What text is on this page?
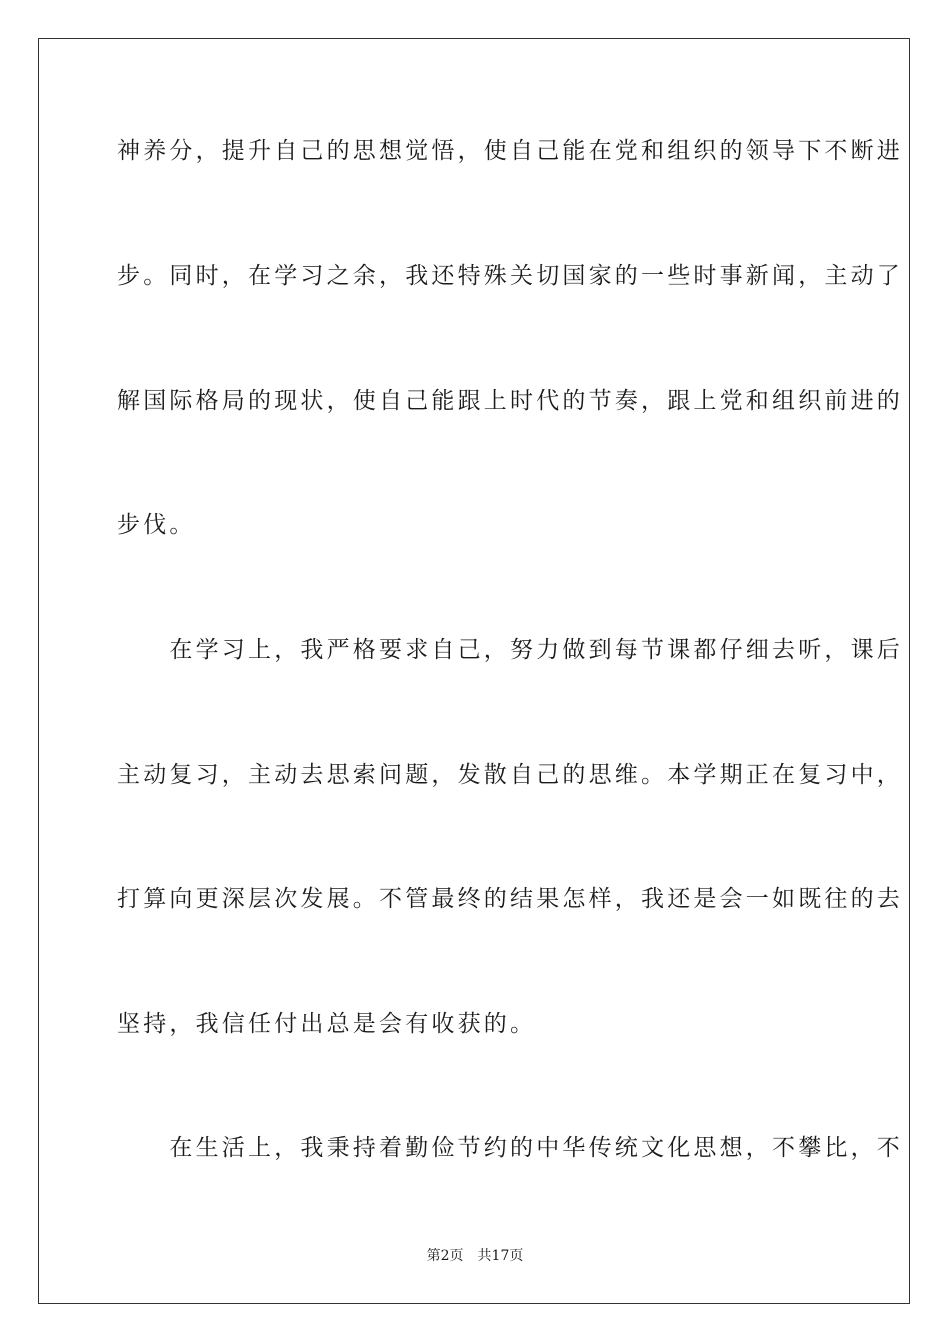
神养分，提升自己的思想觉悟，使自己能在党和组织的领导下不断进
步。同时，在学习之余，我还特殊关切国家的一些时事新闻，主动了
解国际格局的现状，使自己能跟上时代的节奏，跟上党和组织前进的
步伐。
　　在学习上，我严格要求自己，努力做到每节课都仔细去听，课后
主动复习，主动去思索问题，发散自己的思维。本学期正在复习中，
打算向更深层次发展。不管最终的结果怎样，我还是会一如既往的去
坚持，我信任付出总是会有收获的。
　　在生活上，我秉持着勤俭节约的中华传统文化思想，不攀比，不
第2页 共17页
